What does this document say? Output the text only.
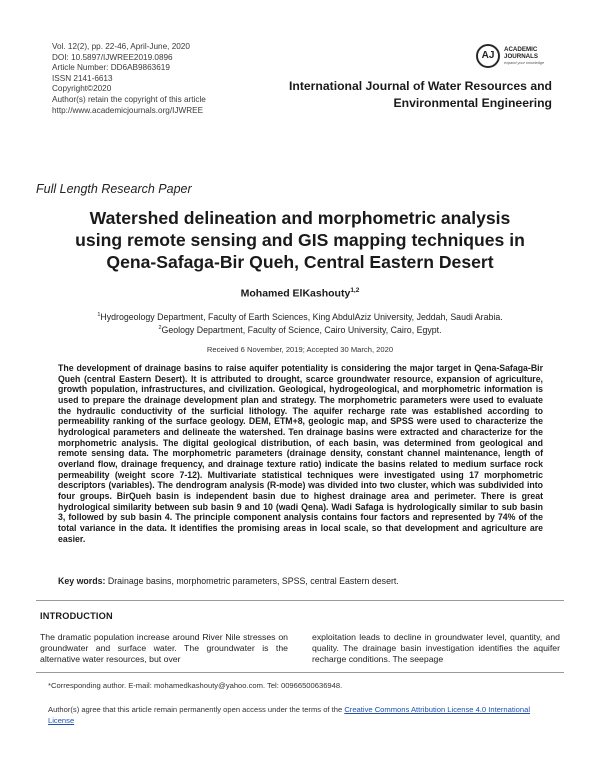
Vol. 12(2), pp. 22-46, April-June, 2020
DOI: 10.5897/IJWREE2019.0896
Article Number: DD6AB9863619
ISSN 2141-6613
Copyright©2020
Author(s) retain the copyright of this article
http://www.academicjournals.org/IJWREE
AJ
ACADEMIC
JOURNALS
expand your knowledge
International Journal of Water Resources and
Environmental Engineering
Full Length Research Paper
Watershed delineation and morphometric analysis
using remote sensing and GIS mapping techniques in
Qena-Safaga-Bir Queh, Central Eastern Desert
Mohamed ElKashouty$^{1,2}$
$^1$Hydrogeology Department, Faculty of Earth Sciences, King AbdulAziz University, Jeddah, Saudi Arabia.
$^2$Geology Department, Faculty of Science, Cairo University, Cairo, Egypt.
Received 6 November, 2019; Accepted 30 March, 2020
The development of drainage basins to raise aquifer potentiality is considering the major target in Qena-Safaga-Bir Queh (central Eastern Desert). It is attributed to drought, scarce groundwater resource, expansion of agriculture, growth population, infrastructures, and civilization. Geological, hydrogeological, and morphometric information is used to prepare the drainage development plan and strategy. The morphometric parameters were used to evaluate the hydraulic conductivity of the surficial lithology. The aquifer recharge rate was established according to permeability ranking of the surface geology. DEM, ETM+8, geologic map, and SPSS were used to characterize the hydrological parameters and delineate the watershed. Ten drainage basins were extracted and characterize for the morphometric analysis. The digital geological distribution, of each basin, was determined from geological and remote sensing data. The morphometric parameters (drainage density, constant channel maintenance, length of overland flow, drainage frequency, and drainage texture ratio) indicate the basins related to medium surface rock permeability (weight score 7-12). Multivariate statistical techniques were investigated using 17 morphometric descriptors (variables). The dendrogram analysis (R-mode) was divided into two cluster, which was subdivided into four groups. BirQueh basin is independent basin due to highest drainage area and perimeter. There is great hydrological similarity between sub basin 9 and 10 (wadi Qena). Wadi Safaga is hydrologically similar to sub basin 3, followed by sub basin 4. The principle component analysis contains four factors and represented by 74% of the total variance in the data. It identifies the promising areas in local scale, so that development and agriculture are easier.
Key words: Drainage basins, morphometric parameters, SPSS, central Eastern desert.
INTRODUCTION
The dramatic population increase around River Nile stresses on groundwater and surface water. The groundwater is the alternative water resources, but over
exploitation leads to decline in groundwater level, quantity, and quality. The drainage basin investigation identifies the aquifer recharge conditions. The seepage
*Corresponding author. E-mail: mohamedkashouty@yahoo.com. Tel: 00966500636948.
Author(s) agree that this article remain permanently open access under the terms of the Creative Commons Attribution License 4.0 International License
